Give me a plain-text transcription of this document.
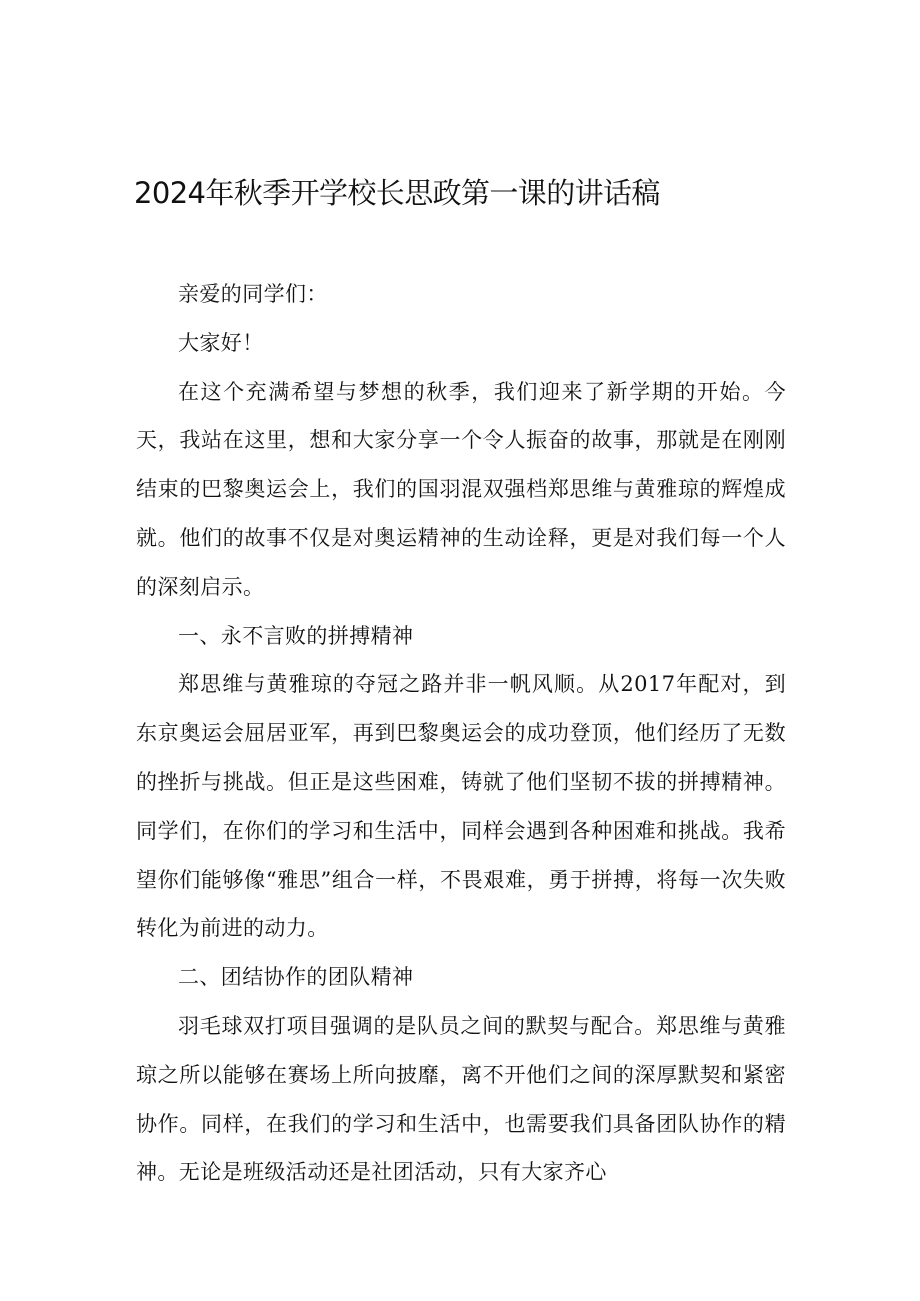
2024年秋季开学校长思政第一课的讲话稿

亲爱的同学们：

大家好！

在这个充满希望与梦想的秋季，我们迎来了新学期的开始。今天，我站在这里，想和大家分享一个令人振奋的故事，那就是在刚刚结束的巴黎奥运会上，我们的国羽混双强档郑思维与黄雅琼的辉煌成就。他们的故事不仅是对奥运精神的生动诠释，更是对我们每一个人的深刻启示。

一、永不言败的拼搏精神

郑思维与黄雅琼的夺冠之路并非一帆风顺。从2017年配对，到东京奥运会屈居亚军，再到巴黎奥运会的成功登顶，他们经历了无数的挫折与挑战。但正是这些困难，铸就了他们坚韧不拔的拼搏精神。同学们，在你们的学习和生活中，同样会遇到各种困难和挑战。我希望你们能够像“雅思”组合一样，不畏艰难，勇于拼搏，将每一次失败转化为前进的动力。

二、团结协作的团队精神

羽毛球双打项目强调的是队员之间的默契与配合。郑思维与黄雅琼之所以能够在赛场上所向披靡，离不开他们之间的深厚默契和紧密协作。同样，在我们的学习和生活中，也需要我们具备团队协作的精神。无论是班级活动还是社团活动，只有大家齐心
